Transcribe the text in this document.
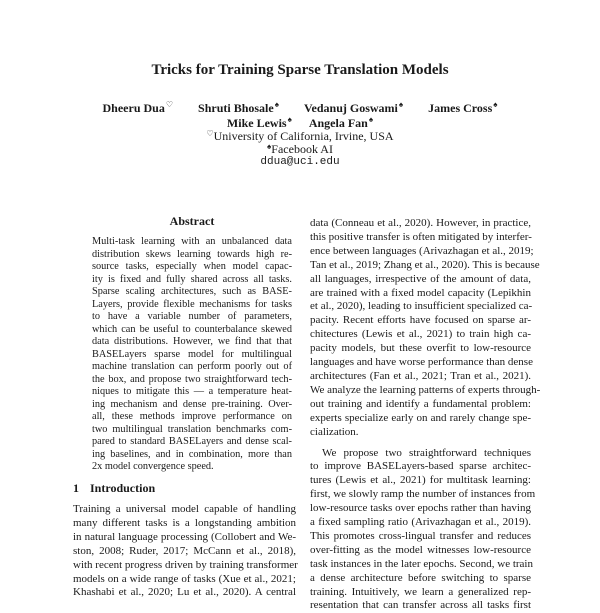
Tricks for Training Sparse Translation Models
Dheeru Dua♡ Shruti Bhosale♠ Vedanuj Goswami♠ James Cross♠
Mike Lewis♠ Angela Fan♠
♡University of California, Irvine, USA
♠Facebook AI
ddua@uci.edu
Abstract
Multi-task learning with an unbalanced data
distribution skews learning towards high re-
source tasks, especially when model capac-
ity is fixed and fully shared across all tasks.
Sparse scaling architectures, such as BASE-
Layers, provide flexible mechanisms for tasks
to have a variable number of parameters,
which can be useful to counterbalance skewed
data distributions. However, we find that that
BASELayers sparse model for multilingual
machine translation can perform poorly out of
the box, and propose two straightforward tech-
niques to mitigate this — a temperature heat-
ing mechanism and dense pre-training. Over-
all, these methods improve performance on
two multilingual translation benchmarks com-
pared to standard BASELayers and dense scal-
ing baselines, and in combination, more than
2x model convergence speed.
1 Introduction
Training a universal model capable of handling
many different tasks is a longstanding ambition
in natural language processing (Collobert and We-
ston, 2008; Ruder, 2017; McCann et al., 2018),
with recent progress driven by training transformer
models on a wide range of tasks (Xue et al., 2021;
Khashabi et al., 2020; Lu et al., 2020). A central
data (Conneau et al., 2020). However, in practice,
this positive transfer is often mitigated by interfer-
ence between languages (Arivazhagan et al., 2019;
Tan et al., 2019; Zhang et al., 2020). This is because
all languages, irrespective of the amount of data,
are trained with a fixed model capacity (Lepikhin
et al., 2020), leading to insufficient specialized ca-
pacity. Recent efforts have focused on sparse ar-
chitectures (Lewis et al., 2021) to train high ca-
pacity models, but these overfit to low-resource
languages and have worse performance than dense
architectures (Fan et al., 2021; Tran et al., 2021).
We analyze the learning patterns of experts through-
out training and identify a fundamental problem:
experts specialize early on and rarely change spe-
cialization.
We propose two straightforward techniques
to improve BASELayers-based sparse architec-
tures (Lewis et al., 2021) for multitask learning:
first, we slowly ramp the number of instances from
low-resource tasks over epochs rather than having
a fixed sampling ratio (Arivazhagan et al., 2019).
This promotes cross-lingual transfer and reduces
over-fitting as the model witnesses low-resource
task instances in the later epochs. Second, we train
a dense architecture before switching to sparse
training. Intuitively, we learn a generalized rep-
resentation that can transfer across all tasks first
